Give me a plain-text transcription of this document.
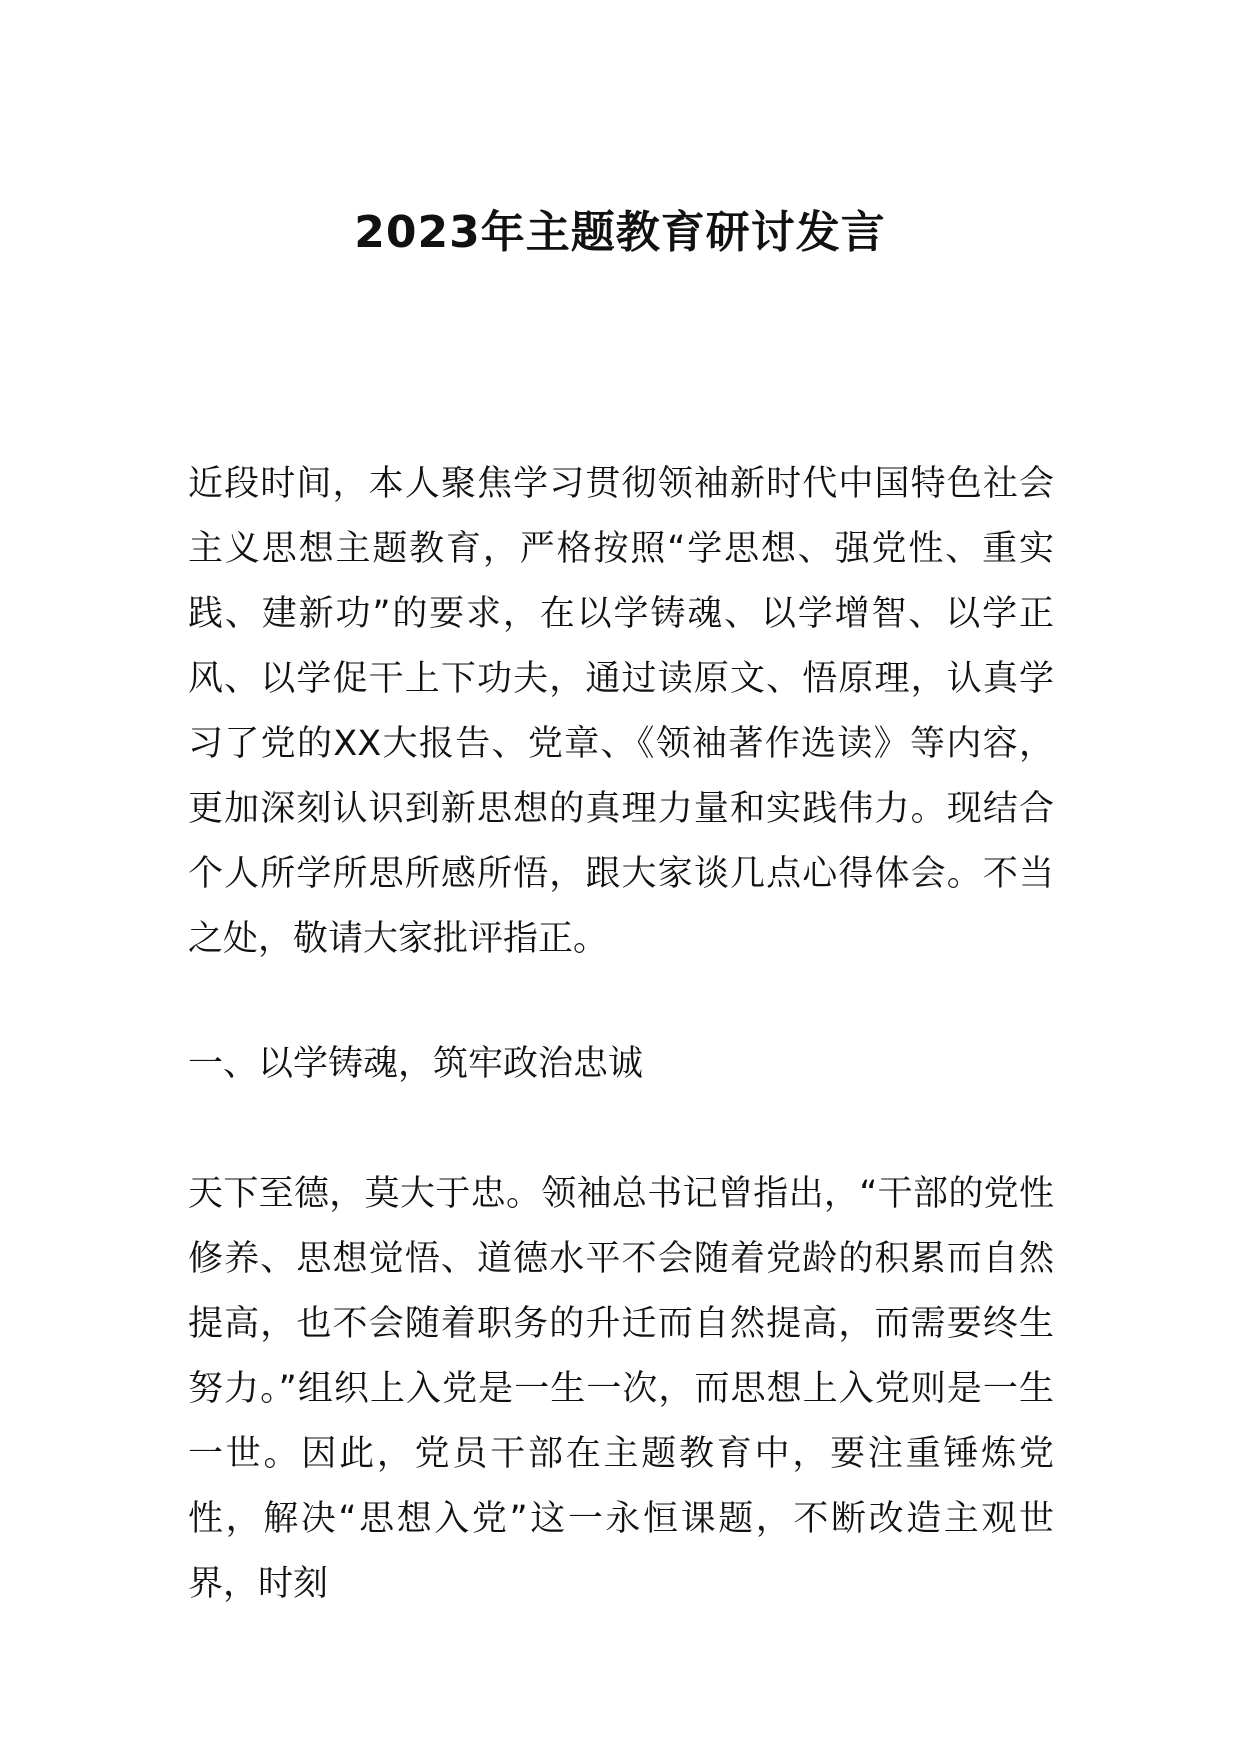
2023年主题教育研讨发言
近段时间，本人聚焦学习贯彻领袖新时代中国特色社会主义思想主题教育，严格按照“学思想、强党性、重实践、建新功”的要求，在以学铸魂、以学增智、以学正风、以学促干上下功夫，通过读原文、悟原理，认真学习了党的XX大报告、党章、《领袖著作选读》等内容，更加深刻认识到新思想的真理力量和实践伟力。现结合个人所学所思所感所悟，跟大家谈几点心得体会。不当之处，敬请大家批评指正。
一、以学铸魂，筑牢政治忠诚
天下至德，莫大于忠。领袖总书记曾指出，“干部的党性修养、思想觉悟、道德水平不会随着党龄的积累而自然提高，也不会随着职务的升迁而自然提高，而需要终生努力。”组织上入党是一生一次，而思想上入党则是一生一世。因此，党员干部在主题教育中，要注重锤炼党性，解决“思想入党”这一永恒课题，不断改造主观世界，时刻
